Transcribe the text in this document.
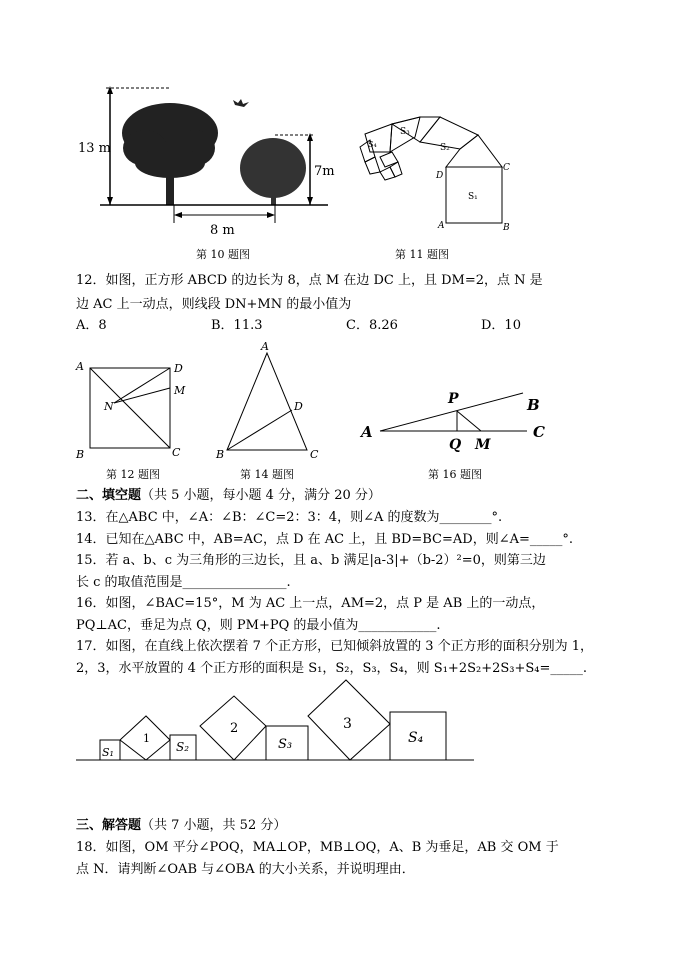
13 m
7m
8 m
第 10 题图
S₁
S₂
S₃
S₄
A	B
C
D
第 11 题图
12．如图，正方形 ABCD 的边长为 8，点 M 在边 DC 上，且 DM=2，点 N 是
边 AC 上一动点，则线段 DN+MN 的最小值为
A．8	B．11.3	C．8.26	D．10
A	D
M
N
B	C
第 12 题图
A
D
B	C
第 14 题图
A
P	B
C
Q M
第 16 题图
二、填空题（共 5 小题，每小题 4 分，满分 20 分）
13．在△ABC 中，∠A：∠B：∠C=2：3：4，则∠A 的度数为________°.
14．已知在△ABC 中，AB=AC，点 D 在 AC 上，且 BD=BC=AD，则∠A=_____°.
15．若 a、b、c 为三角形的三边长，且 a、b 满足|a-3|+（b-2）²=0，则第三边
长 c 的取值范围是________________.
16．如图，∠BAC=15°，M 为 AC 上一点，AM=2，点 P 是 AB 上的一动点，
PQ⊥AC，垂足为点 Q，则 PM+PQ 的最小值为____________.
17．如图，在直线上依次摆着 7 个正方形，已知倾斜放置的 3 个正方形的面积分别为 1，
2，3，水平放置的 4 个正方形的面积是 S₁，S₂，S₃，S₄，则 S₁+2S₂+2S₃+S₄=_____.
S₁
1
S₂
2
S₃
3
S₄
三、解答题（共 7 小题，共 52 分）
18．如图，OM 平分∠POQ，MA⊥OP，MB⊥OQ，A、B 为垂足，AB 交 OM 于
点 N．请判断∠OAB 与∠OBA 的大小关系，并说明理由．
